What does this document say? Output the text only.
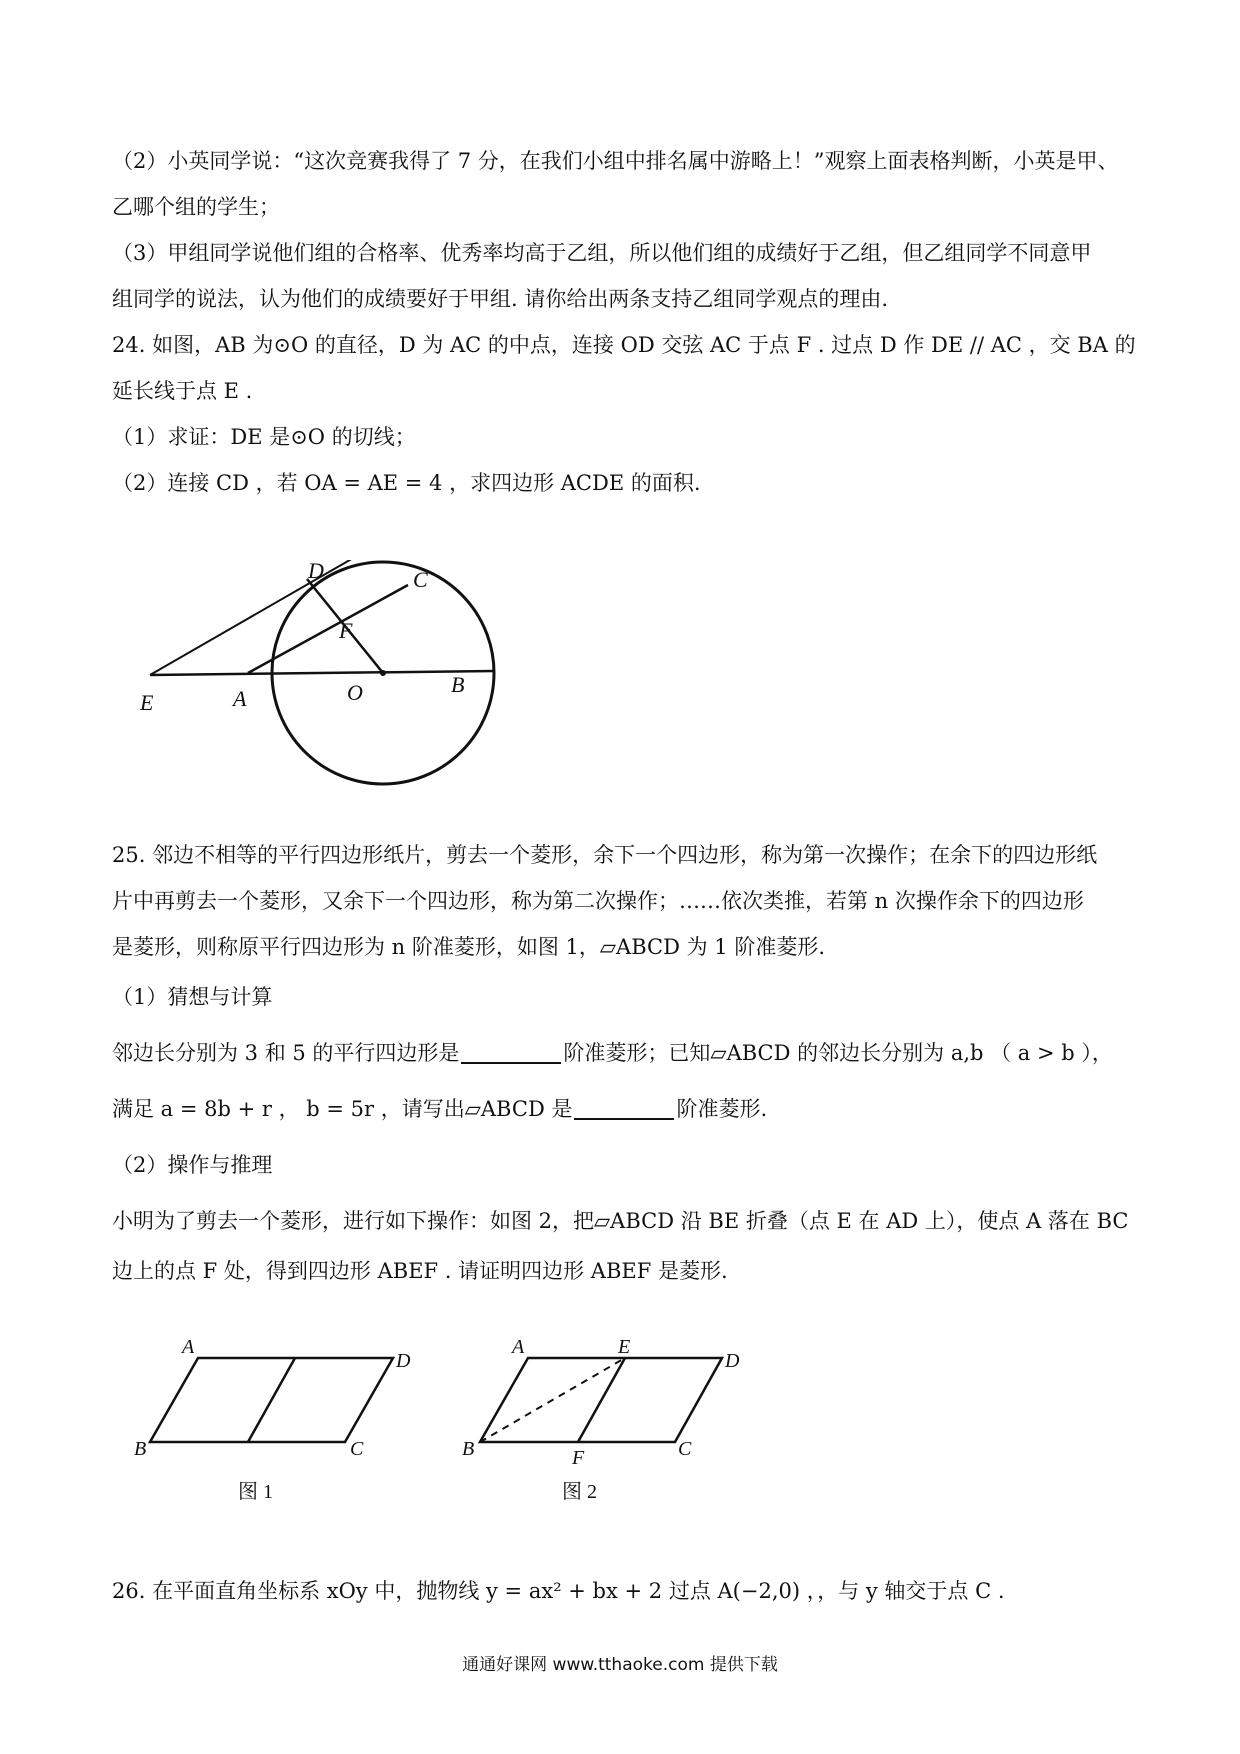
（2）小英同学说：“这次竞赛我得了 7 分，在我们小组中排名属中游略上！”观察上面表格判断，小英是甲、
乙哪个组的学生；
（3）甲组同学说他们组的合格率、优秀率均高于乙组，所以他们组的成绩好于乙组，但乙组同学不同意甲
组同学的说法，认为他们的成绩要好于甲组. 请你给出两条支持乙组同学观点的理由.
24. 如图，AB 为⊙O 的直径，D 为 AC 的中点，连接 OD 交弦 AC 于点 F . 过点 D 作 DE // AC ，交 BA 的
延长线于点 E .
（1）求证：DE 是⊙O 的切线；
（2）连接 CD ，若 OA = AE = 4 ，求四边形 ACDE 的面积.
D	C
F
E	A	O	B
25. 邻边不相等的平行四边形纸片，剪去一个菱形，余下一个四边形，称为第一次操作；在余下的四边形纸
片中再剪去一个菱形，又余下一个四边形，称为第二次操作；……依次类推，若第 n 次操作余下的四边形
是菱形，则称原平行四边形为 n 阶准菱形，如图 1，▱ABCD 为 1 阶准菱形.
（1）猜想与计算
邻边长分别为 3 和 5 的平行四边形是	阶准菱形；已知▱ABCD 的邻边长分别为 a,b （ a > b ），
满足 a = 8b + r ， b = 5r ，请写出▱ABCD 是	阶准菱形.
（2）操作与推理
小明为了剪去一个菱形，进行如下操作：如图 2，把▱ABCD 沿 BE 折叠（点 E 在 AD 上），使点 A 落在 BC
边上的点 F 处，得到四边形 ABEF . 请证明四边形 ABEF 是菱形.
A
D
B	C
图 1
A	E
D
B	F	C
图 2
26. 在平面直角坐标系 xOy 中，抛物线 y = ax² + bx + 2 过点 A(−2,0) ，，与 y 轴交于点 C .
通通好课网 www.tthaoke.com 提供下载
